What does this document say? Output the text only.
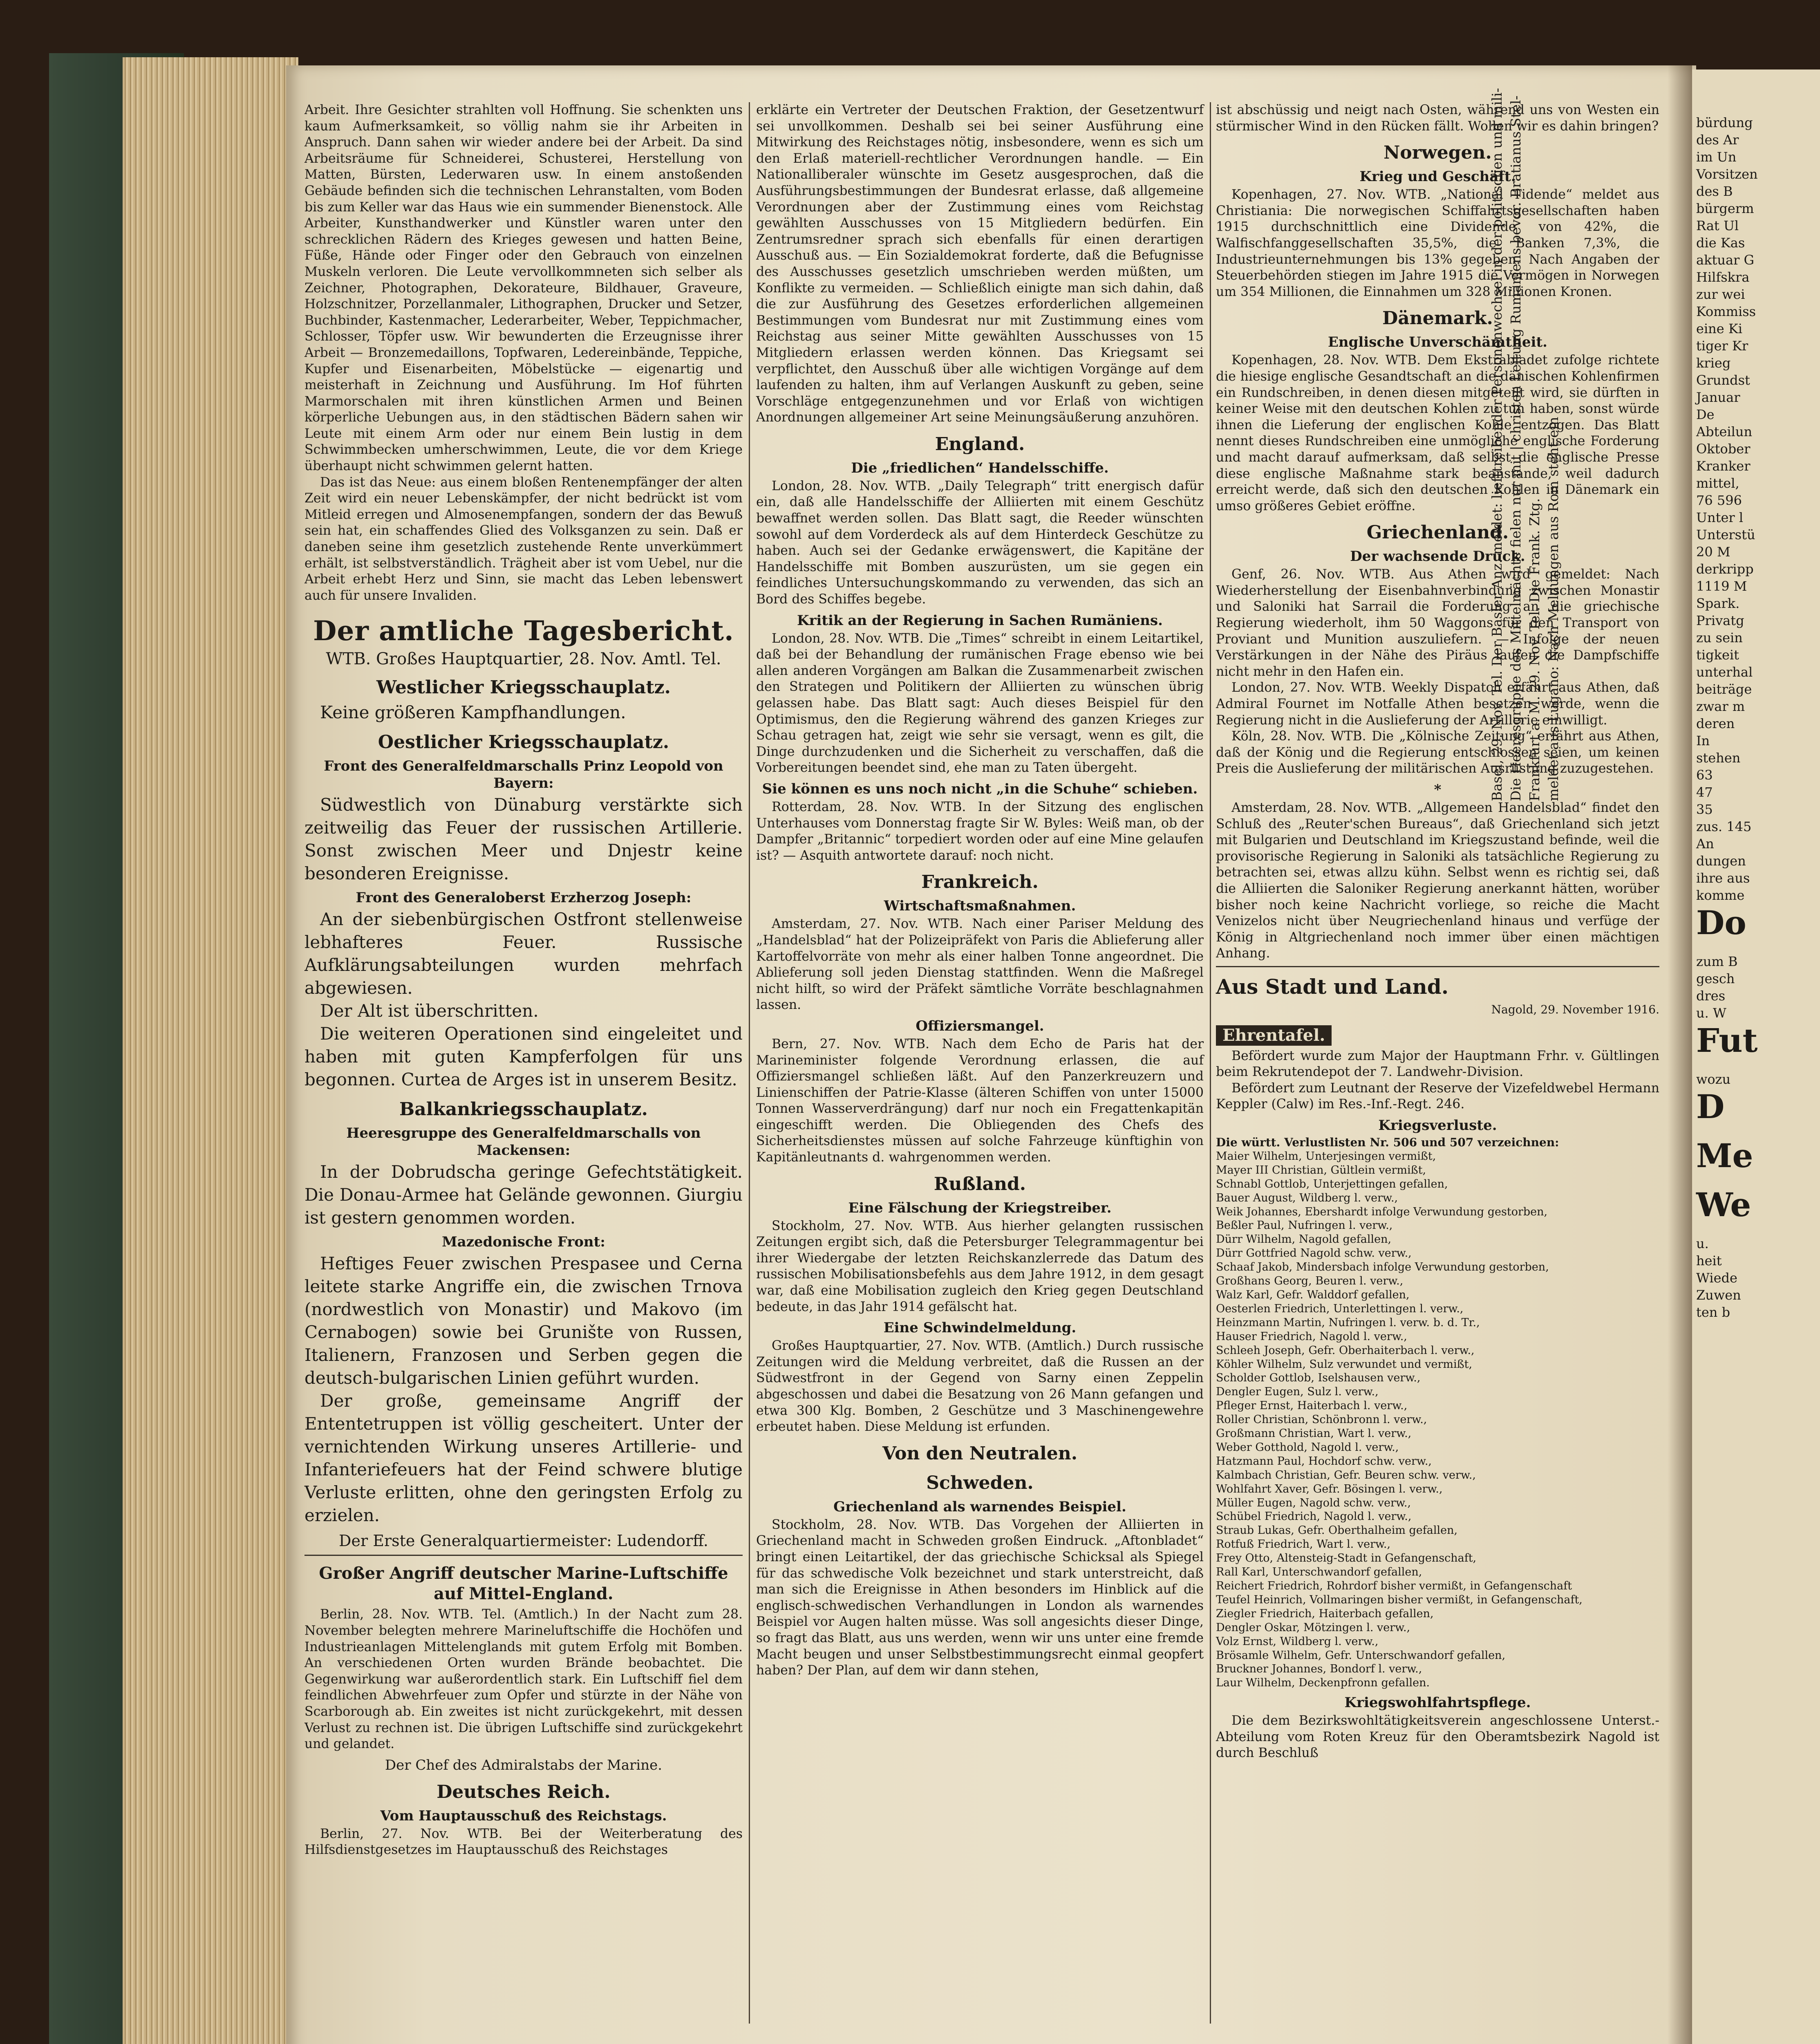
Arbeit. Ihre Gesichter strahlten voll Hoffnung. Sie schenkten uns kaum Aufmerksamkeit, so völlig nahm sie ihr Arbeiten in Anspruch. Dann sahen wir wieder andere bei der Arbeit. Da sind Arbeitsräume für Schneiderei, Schusterei, Herstellung von Matten, Bürsten, Lederwaren usw. In einem anstoßenden Gebäude befinden sich die technischen Lehranstalten, vom Boden bis zum Keller war das Haus wie ein summender Bienenstock. Alle Arbeiter, Kunsthandwerker und Künstler waren unter den schrecklichen Rädern des Krieges gewesen und hatten Beine, Füße, Hände oder Finger oder den Gebrauch von einzelnen Muskeln verloren. Die Leute vervollkommneten sich selber als Zeichner, Photographen, Dekorateure, Bildhauer, Graveure, Holzschnitzer, Porzellanmaler, Lithographen, Drucker und Setzer, Buchbinder, Kastenmacher, Lederarbeiter, Weber, Teppichmacher, Schlosser, Töpfer usw. Wir bewunderten die Erzeugnisse ihrer Arbeit — Bronzemedaillons, Topfwaren, Ledereinbände, Teppiche, Kupfer und Eisenarbeiten, Möbelstücke — eigenartig und meisterhaft in Zeichnung und Ausführung. Im Hof führten Marmorschalen mit ihren künstlichen Armen und Beinen körperliche Uebungen aus, in den städtischen Bädern sahen wir Leute mit einem Arm oder nur einem Bein lustig in dem Schwimmbecken umherschwimmen, Leute, die vor dem Kriege überhaupt nicht schwimmen gelernt hatten.

Das ist das Neue: aus einem bloßen Rentenempfänger der alten Zeit wird ein neuer Lebenskämpfer, der nicht bedrückt ist vom Mitleid erregen und Almosenempfangen, sondern der das Bewuß sein hat, ein schaffendes Glied des Volksganzen zu sein. Daß er daneben seine ihm gesetzlich zustehende Rente unverkümmert erhält, ist selbstverständlich. Trägheit aber ist vom Uebel, nur die Arbeit erhebt Herz und Sinn, sie macht das Leben lebenswert auch für unsere Invaliden.

Der amtliche Tagesbericht.
WTB. Großes Hauptquartier, 28. Nov. Amtl. Tel.
Westlicher Kriegsschauplatz.

Keine größeren Kampfhandlungen.

Oestlicher Kriegsschauplatz.
Front des Generalfeldmarschalls Prinz Leopold von Bayern:

Südwestlich von Dünaburg verstärkte sich zeitweilig das Feuer der russischen Artillerie. Sonst zwischen Meer und Dnjestr keine besonderen Ereignisse.

Front des Generaloberst Erzherzog Joseph:

An der siebenbürgischen Ostfront stellenweise lebhafteres Feuer. Russische Aufklärungsabteilungen wurden mehrfach abgewiesen.

Der Alt ist überschritten.

Die weiteren Operationen sind eingeleitet und haben mit guten Kampferfolgen für uns begonnen. Curtea de Arges ist in unserem Besitz.

Balkankriegsschauplatz.
Heeresgruppe des Generalfeldmarschalls von Mackensen:

In der Dobrudscha geringe Gefechtstätigkeit. Die Donau-Armee hat Gelände gewonnen. Giurgiu ist gestern genommen worden.

Mazedonische Front:

Heftiges Feuer zwischen Prespasee und Cerna leitete starke Angriffe ein, die zwischen Trnova (nordwestlich von Monastir) und Makovo (im Cernabogen) sowie bei Grunište von Russen, Italienern, Franzosen und Serben gegen die deutsch-bulgarischen Linien geführt wurden.

Der große, gemeinsame Angriff der Ententetruppen ist völlig gescheitert. Unter der vernichtenden Wirkung unseres Artillerie- und Infanteriefeuers hat der Feind schwere blutige Verluste erlitten, ohne den geringsten Erfolg zu erzielen.

Der Erste Generalquartiermeister: Ludendorff.
Großer Angriff deutscher Marine-Luftschiffe auf Mittel-England.

Berlin, 28. Nov. WTB. Tel. (Amtlich.) In der Nacht zum 28. November belegten mehrere Marineluftschiffe die Hochöfen und Industrieanlagen Mittelenglands mit gutem Erfolg mit Bomben. An verschiedenen Orten wurden Brände beobachtet. Die Gegenwirkung war außerordentlich stark. Ein Luftschiff fiel dem feindlichen Abwehrfeuer zum Opfer und stürzte in der Nähe von Scarborough ab. Ein zweites ist nicht zurückgekehrt, mit dessen Verlust zu rechnen ist. Die übrigen Luftschiffe sind zurückgekehrt und gelandet.

Der Chef des Admiralstabs der Marine.
Deutsches Reich.
Vom Hauptausschuß des Reichstags.

Berlin, 27. Nov. WTB. Bei der Weiterberatung des Hilfsdienstgesetzes im Hauptausschuß des Reichstages

erklärte ein Vertreter der Deutschen Fraktion, der Gesetzentwurf sei unvollkommen. Deshalb sei bei seiner Ausführung eine Mitwirkung des Reichstages nötig, insbesondere, wenn es sich um den Erlaß materiell-rechtlicher Verordnungen handle. — Ein Nationalliberaler wünschte im Gesetz ausgesprochen, daß die Ausführungsbestimmungen der Bundesrat erlasse, daß allgemeine Verordnungen aber der Zustimmung eines vom Reichstag gewählten Ausschusses von 15 Mitgliedern bedürfen. Ein Zentrumsredner sprach sich ebenfalls für einen derartigen Ausschuß aus. — Ein Sozialdemokrat forderte, daß die Befugnisse des Ausschusses gesetzlich umschrieben werden müßten, um Konflikte zu vermeiden. — Schließlich einigte man sich dahin, daß die zur Ausführung des Gesetzes erforderlichen allgemeinen Bestimmungen vom Bundesrat nur mit Zustimmung eines vom Reichstag aus seiner Mitte gewählten Ausschusses von 15 Mitgliedern erlassen werden können. Das Kriegsamt sei verpflichtet, den Ausschuß über alle wichtigen Vorgänge auf dem laufenden zu halten, ihm auf Verlangen Auskunft zu geben, seine Vorschläge entgegenzunehmen und vor Erlaß von wichtigen Anordnungen allgemeiner Art seine Meinungsäußerung anzuhören.

England.
Die „friedlichen“ Handelsschiffe.

London, 28. Nov. WTB. „Daily Telegraph“ tritt energisch dafür ein, daß alle Handelsschiffe der Alliierten mit einem Geschütz bewaffnet werden sollen. Das Blatt sagt, die Reeder wünschten sowohl auf dem Vorderdeck als auf dem Hinterdeck Geschütze zu haben. Auch sei der Gedanke erwägenswert, die Kapitäne der Handelsschiffe mit Bomben auszurüsten, um sie gegen ein feindliches Untersuchungskommando zu verwenden, das sich an Bord des Schiffes begebe.

Kritik an der Regierung in Sachen Rumäniens.

London, 28. Nov. WTB. Die „Times“ schreibt in einem Leitartikel, daß bei der Behandlung der rumänischen Frage ebenso wie bei allen anderen Vorgängen am Balkan die Zusammenarbeit zwischen den Strategen und Politikern der Alliierten zu wünschen übrig gelassen habe. Das Blatt sagt: Auch dieses Beispiel für den Optimismus, den die Regierung während des ganzen Krieges zur Schau getragen hat, zeigt wie sehr sie versagt, wenn es gilt, die Dinge durchzudenken und die Sicherheit zu verschaffen, daß die Vorbereitungen beendet sind, ehe man zu Taten übergeht.

Sie können es uns noch nicht „in die Schuhe“ schieben.

Rotterdam, 28. Nov. WTB. In der Sitzung des englischen Unterhauses vom Donnerstag fragte Sir W. Byles: Weiß man, ob der Dampfer „Britannic“ torpediert worden oder auf eine Mine gelaufen ist? — Asquith antwortete darauf: noch nicht.

Frankreich.
Wirtschaftsmaßnahmen.

Amsterdam, 27. Nov. WTB. Nach einer Pariser Meldung des „Handelsblad“ hat der Polizeipräfekt von Paris die Ablieferung aller Kartoffelvorräte von mehr als einer halben Tonne angeordnet. Die Ablieferung soll jeden Dienstag stattfinden. Wenn die Maßregel nicht hilft, so wird der Präfekt sämtliche Vorräte beschlagnahmen lassen.

Offiziersmangel.

Bern, 27. Nov. WTB. Nach dem Echo de Paris hat der Marineminister folgende Verordnung erlassen, die auf Offiziersmangel schließen läßt. Auf den Panzerkreuzern und Linienschiffen der Patrie-Klasse (älteren Schiffen von unter 15000 Tonnen Wasserverdrängung) darf nur noch ein Fregattenkapitän eingeschifft werden. Die Obliegenden des Chefs des Sicherheitsdienstes müssen auf solche Fahrzeuge künftighin von Kapitänleutnants d. wahrgenommen werden.

Rußland.
Eine Fälschung der Kriegstreiber.

Stockholm, 27. Nov. WTB. Aus hierher gelangten russischen Zeitungen ergibt sich, daß die Petersburger Telegrammagentur bei ihrer Wiedergabe der letzten Reichskanzlerrede das Datum des russischen Mobilisationsbefehls aus dem Jahre 1912, in dem gesagt war, daß eine Mobilisation zugleich den Krieg gegen Deutschland bedeute, in das Jahr 1914 gefälscht hat.

Eine Schwindelmeldung.

Großes Hauptquartier, 27. Nov. WTB. (Amtlich.) Durch russische Zeitungen wird die Meldung verbreitet, daß die Russen an der Südwestfront in der Gegend von Sarny einen Zeppelin abgeschossen und dabei die Besatzung von 26 Mann gefangen und etwa 300 Klg. Bomben, 2 Geschütze und 3 Maschinengewehre erbeutet haben. Diese Meldung ist erfunden.

Von den Neutralen.
Schweden.
Griechenland als warnendes Beispiel.

Stockholm, 28. Nov. WTB. Das Vorgehen der Alliierten in Griechenland macht in Schweden großen Eindruck. „Aftonbladet“ bringt einen Leitartikel, der das griechische Schicksal als Spiegel für das schwedische Volk bezeichnet und stark unterstreicht, daß man sich die Ereignisse in Athen besonders im Hinblick auf die englisch-schwedischen Verhandlungen in London als warnendes Beispiel vor Augen halten müsse. Was soll angesichts dieser Dinge, so fragt das Blatt, aus uns werden, wenn wir uns unter eine fremde Macht beugen und unser Selbstbestimmungsrecht einmal geopfert haben? Der Plan, auf dem wir dann stehen,

ist abschüssig und neigt nach Osten, während uns von Westen ein stürmischer Wind in den Rücken fällt. Wollen wir es dahin bringen?

Norwegen.
Krieg und Geschäft.

Kopenhagen, 27. Nov. WTB. „National Tidende“ meldet aus Christiania: Die norwegischen Schiffahrtsgesellschaften haben 1915 durchschnittlich eine Dividende von 42%, die Walfischfanggesellschaften 35,5%, die Banken 7,3%, die Industrieunternehmungen bis 13% gegeben. Nach Angaben der Steuerbehörden stiegen im Jahre 1915 die Vermögen in Norwegen um 354 Millionen, die Einnahmen um 328 Millionen Kronen.

Dänemark.
Englische Unverschämtheit.

Kopenhagen, 28. Nov. WTB. Dem Ekstrabladet zufolge richtete die hiesige englische Gesandtschaft an die dänischen Kohlenfirmen ein Rundschreiben, in denen diesen mitgeteilt wird, sie dürften in keiner Weise mit den deutschen Kohlen zu tun haben, sonst würde ihnen die Lieferung der englischen Kohle entzogen. Das Blatt nennt dieses Rundschreiben eine unmögliche englische Forderung und macht darauf aufmerksam, daß selbst die englische Presse diese englische Maßnahme stark beanstande, weil dadurch erreicht werde, daß sich den deutschen Kohlen in Dänemark ein umso größeres Gebiet eröffne.

Griechenland.
Der wachsende Druck.

Genf, 26. Nov. WTB. Aus Athen wird gemeldet: Nach Wiederherstellung der Eisenbahnverbindung zwischen Monastir und Saloniki hat Sarrail die Forderung an die griechische Regierung wiederholt, ihm 50 Waggons für den Transport von Proviant und Munition auszuliefern. — Infolge der neuen Verstärkungen in der Nähe des Piräus laufen die Dampfschiffe nicht mehr in den Hafen ein.

London, 27. Nov. WTB. Weekly Dispatch erfährt aus Athen, daß Admiral Fournet im Notfalle Athen besetzen werde, wenn die Regierung nicht in die Auslieferung der Artillerie einwilligt.

Köln, 28. Nov. WTB. Die „Kölnische Zeitung“ erfährt aus Athen, daß der König und die Regierung entschlossen seien, um keinen Preis die Auslieferung der militärischen Ausrüstung zuzugestehen.

*

Amsterdam, 28. Nov. WTB. „Allgemeen Handelsblad“ findet den Schluß des „Reuter'schen Bureaus“, daß Griechenland sich jetzt mit Bulgarien und Deutschland im Kriegszustand befinde, weil die provisorische Regierung in Saloniki als tatsächliche Regierung zu betrachten sei, etwas allzu kühn. Selbst wenn es richtig sei, daß die Alliierten die Saloniker Regierung anerkannt hätten, worüber bisher noch keine Nachricht vorliege, so reiche die Macht Venizelos nicht über Neugriechenland hinaus und verfüge der König in Altgriechenland noch immer über einen mächtigen Anhang.

Aus Stadt und Land.
Nagold, 29. November 1916.
Ehrentafel.

Befördert wurde zum Major der Hauptmann Frhr. v. Gültlingen beim Rekrutendepot der 7. Landwehr-Division.

Befördert zum Leutnant der Reserve der Vizefeldwebel Hermann Keppler (Calw) im Res.-Inf.-Regt. 246.

Kriegsverluste.

Die württ. Verlustlisten Nr. 506 und 507 verzeichnen:

Maier Wilhelm, Unterjesingen vermißt,

Mayer III Christian, Gültlein vermißt,

Schnabl Gottlob, Unterjettingen gefallen,

Bauer August, Wildberg l. verw.,

Weik Johannes, Ebershardt infolge Verwundung gestorben,

Beßler Paul, Nufringen l. verw.,

Dürr Wilhelm, Nagold gefallen,

Dürr Gottfried Nagold schw. verw.,

Schaaf Jakob, Mindersbach infolge Verwundung gestorben,

Großhans Georg, Beuren l. verw.,

Walz Karl, Gefr. Walddorf gefallen,

Oesterlen Friedrich, Unterlettingen l. verw.,

Heinzmann Martin, Nufringen l. verw. b. d. Tr.,

Hauser Friedrich, Nagold l. verw.,

Schleeh Joseph, Gefr. Oberhaiterbach l. verw.,

Köhler Wilhelm, Sulz verwundet und vermißt,

Scholder Gottlob, Iselshausen verw.,

Dengler Eugen, Sulz l. verw.,

Pfleger Ernst, Haiterbach l. verw.,

Roller Christian, Schönbronn l. verw.,

Großmann Christian, Wart l. verw.,

Weber Gotthold, Nagold l. verw.,

Hatzmann Paul, Hochdorf schw. verw.,

Kalmbach Christian, Gefr. Beuren schw. verw.,

Wohlfahrt Xaver, Gefr. Bösingen l. verw.,

Müller Eugen, Nagold schw. verw.,

Schübel Friedrich, Nagold l. verw.,

Straub Lukas, Gefr. Oberthalheim gefallen,

Rotfuß Friedrich, Wart l. verw.,

Frey Otto, Altensteig-Stadt in Gefangenschaft,

Rall Karl, Unterschwandorf gefallen,

Reichert Friedrich, Rohrdorf bisher vermißt, in Gefangenschaft

Teufel Heinrich, Vollmaringen bisher vermißt, in Gefangenschaft,

Ziegler Friedrich, Haiterbach gefallen,

Dengler Oskar, Mötzingen l. verw.,

Volz Ernst, Wildberg l. verw.,

Brösamle Wilhelm, Gefr. Unterschwandorf gefallen,

Bruckner Johannes, Bondorf l. verw.,

Laur Wilhelm, Deckenpfronn gefallen.

Kriegswohlfahrtspflege.

Die dem Bezirkswohltätigkeitsverein angeschlossene Unterst.-Abteilung vom Roten Kreuz für den Oberamtsbezirk Nagold ist durch Beschluß

Basel, 29. Nov. Tel. Der Basler Anz. meldet: liefttreibender Personenwechsel in der politischen und mili- Die Heeresgruppe des Mittelmächte fielen nur mit | christen Leitung Rumäniens bevor. Bratianus Stel- Frankfurt a. M. 29. Nov. Tel. Die Frank. Ztg. meldet aus Lugano: Nach Meldungen aus Rom steht ein
bürdung
des Ar
im Un
Vorsitzen
des B
bürgerm
Rat Ul
die Kas
aktuar G
Hilfskra
zur wei
Kommiss
eine Ki
tiger Kr
krieg
Grundst
Januar
De
Abteilun
Oktober
Kranker
mittel,
76 596
Unter l
Unterstü
20 M
derkripp
1119 M
Spark.
Privatg
zu sein
tigkeit
unterhal
beiträge
zwar m
deren
In
stehen
63
47
35
zus. 145
An
dungen
ihre aus
komme
Do
zum B
gesch
dres
u. W
Fut
wozu
D
Me
We
u.
heit
Wiede
Zuwen
ten b
